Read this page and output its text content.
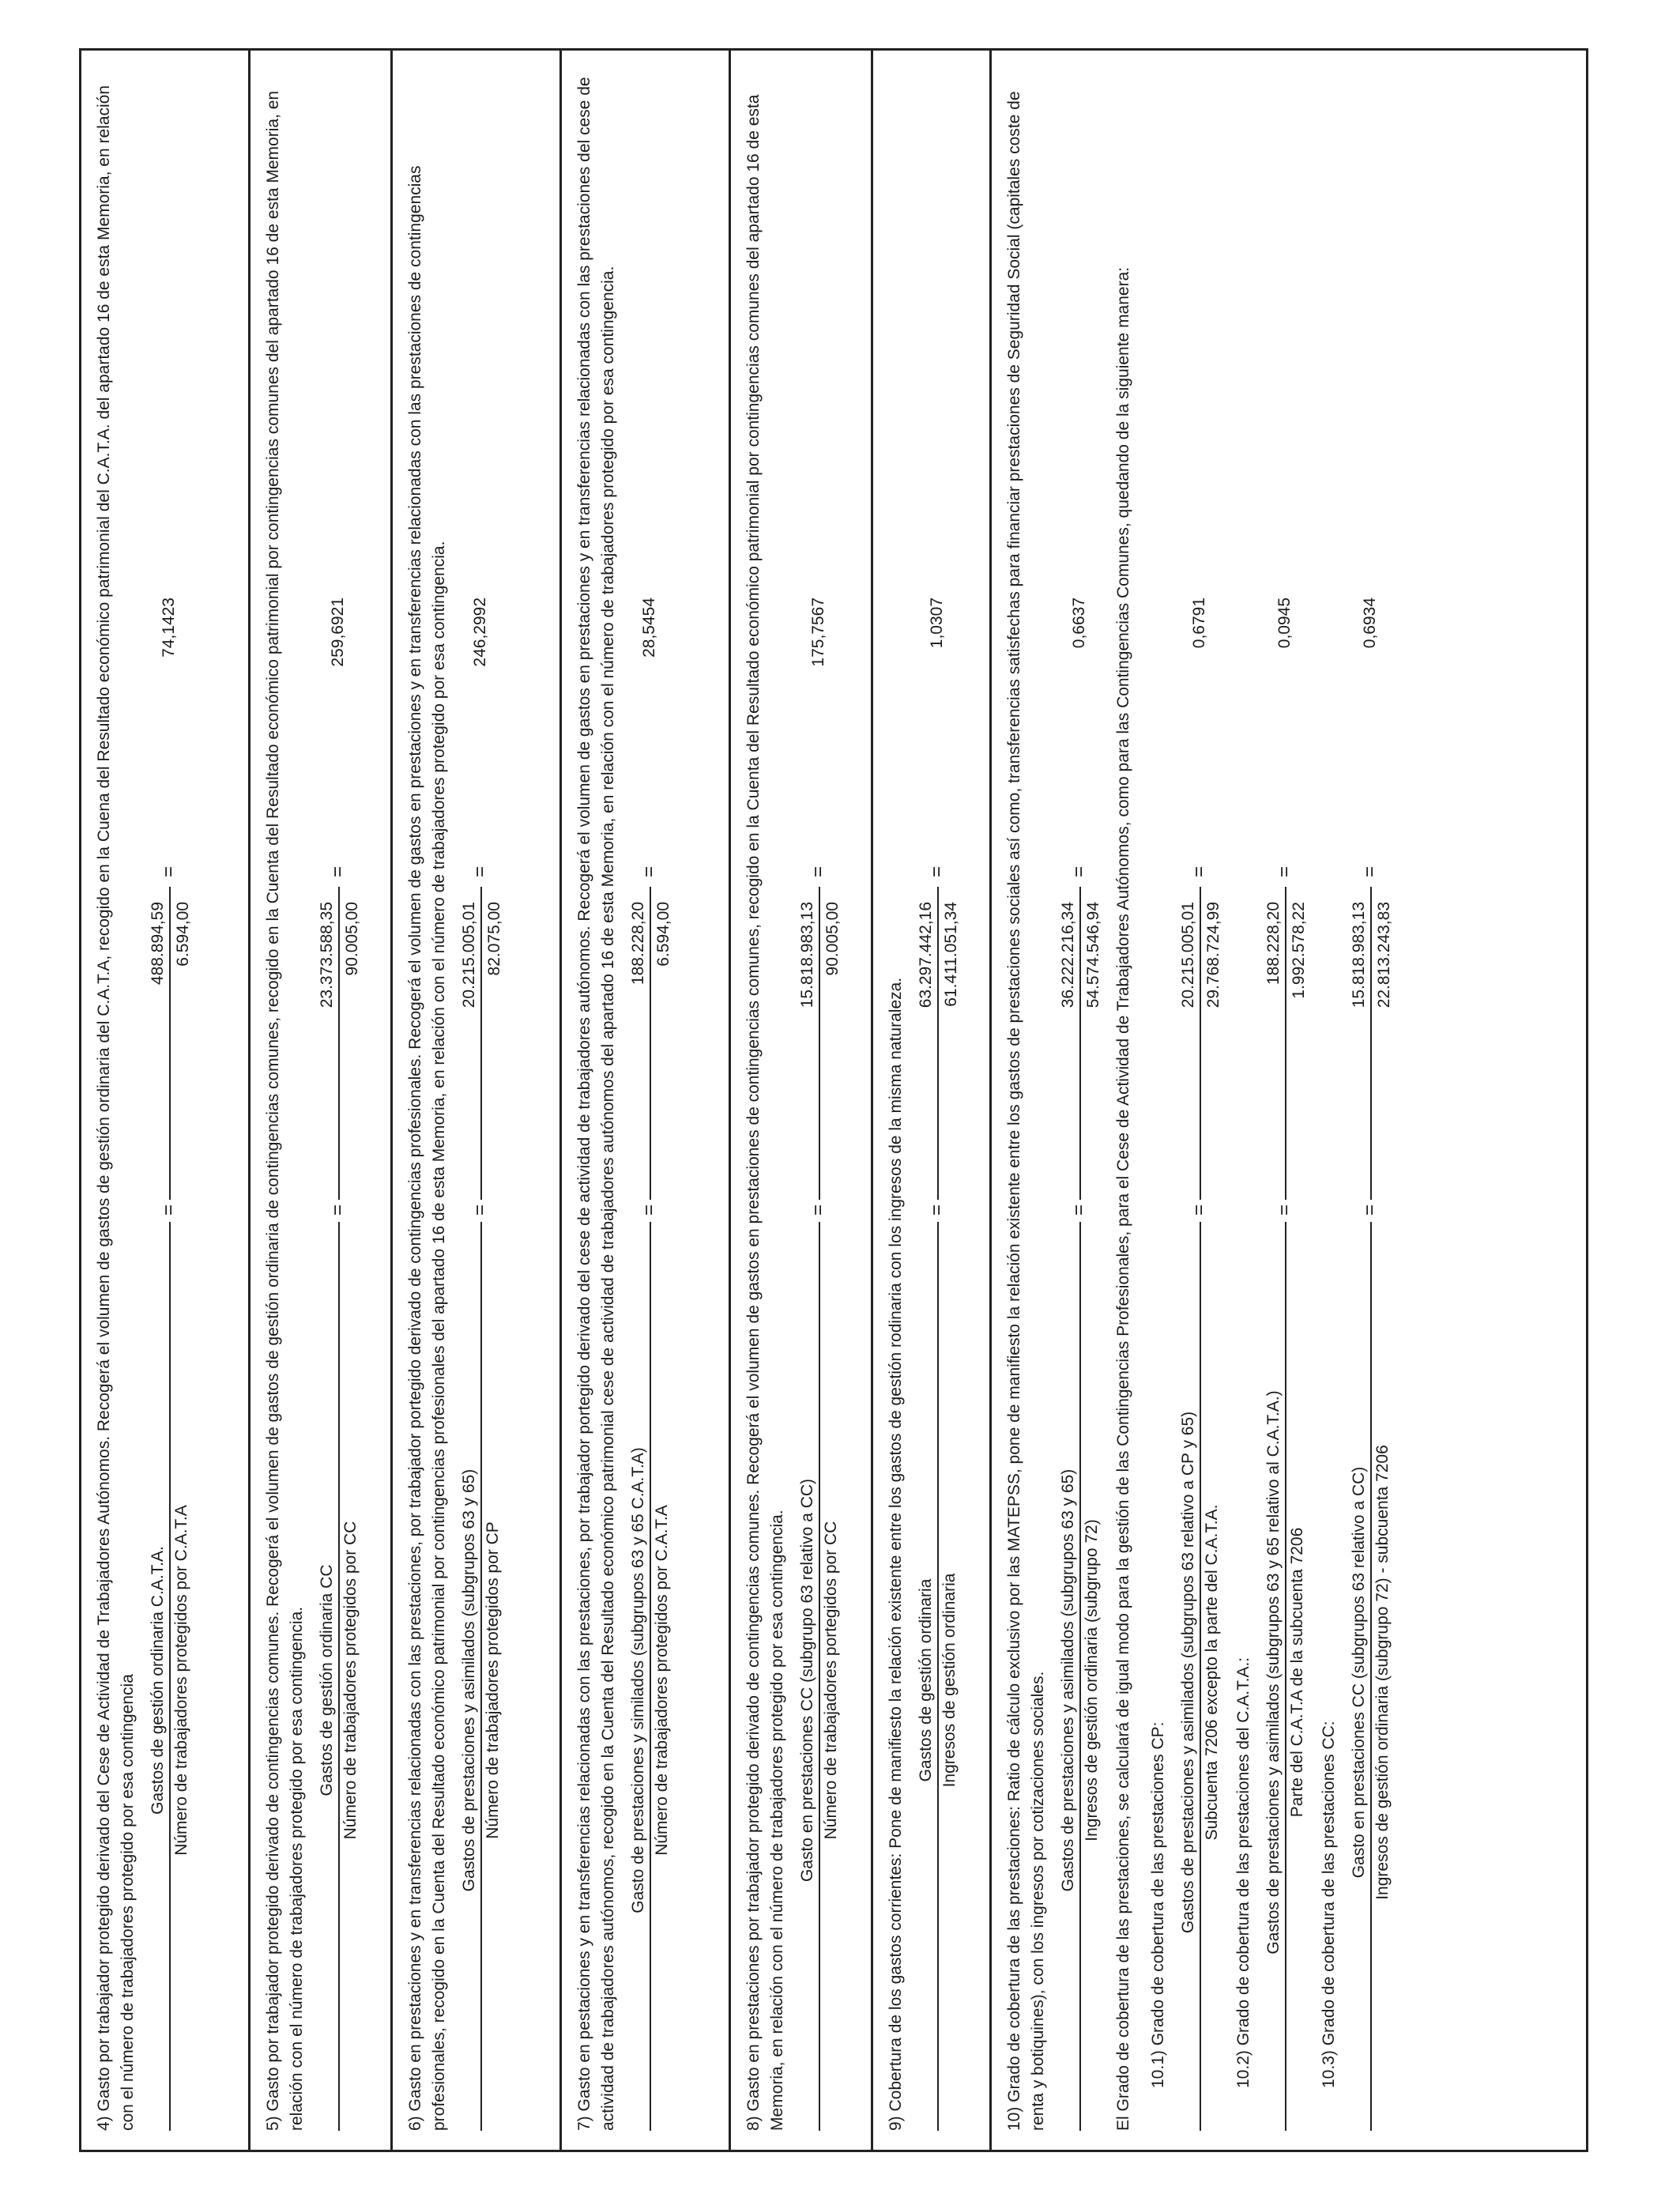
4) Gasto por trabajador protegido derivado del Cese de Actividad de Trabajadores Autónomos. Recogerá el volumen de gastos de gestión ordinaria del C.A.T.A, recogido en la Cuena del Resultado económico patrimonial del C.A.T.A. del apartado 16 de esta Memoria, en relación con el número de trabajadores protegido por esa contingencia Gastos de gestión ordinaria C.A.T.A. Número de trabajadores protegidos por C.A.T.A
=
488.894,59 6.594,00
=
74,1423	5) Gasto por trabajador protegido derivado de contingencias comunes. Recogerá el volumen de gastos de gestión ordinaria de contingencias comunes, recogido en la Cuenta del Resultado económico patrimonial por contingencias comunes del apartado 16 de esta Memoria, en relación con el número de trabajadores protegido por esa contingencia. Gastos de gestión ordinaria CC Número de trabajadores protegidos por CC
=
23.373.588,35 90.005,00
=
259,6921	6) Gasto en prestaciones y en transferencias relacionadas con las prestaciones, por trabajador portegido derivado de contingencias profesionales. Recogerá el volumen de gastos en prestaciones y en transferencias relacionadas con las prestaciones de contingencias profesionales, recogido en la Cuenta del Resultado económico patrimonial por contingencias profesionales del apartado 16 de esta Memoria, en relación con el número de trabajadores protegido por esa contingencia. Gastos de prestaciones y asimilados (subgrupos 63 y 65) Número de trabajadores protegidos por CP
=
20.215.005,01 82.075,00
=
246,2992	7) Gasto en pestaciones y en transferencias relacionadas con las prestaciones, por trabajador portegido derivado del cese de actividad de trabajadores autónomos. Recogerá el volumen de gastos en prestaciones y en transferencias relacionadas con las prestaciones del cese de actividad de trabajadores autónomos, recogido en la Cuenta del Resultado económico patrimonial cese de actividad de trabajadores autónomos del apartado 16 de esta Memoria, en relación con el número de trabajadores protegido por esa contingencia. Gasto de prestaciones y similados (subgrupos 63 y 65 C.A.T.A) Número de trabajadores protegidos por C.A.T.A
=
188.228,20 6.594,00
=
28,5454	8) Gasto en prestaciones por trabajador protegido derivado de contingencias comunes. Recogerá el volumen de gastos en prestaciones de contingencias comunes, recogido en la Cuenta del Resultado económico patrimonial por contingencias comunes del apartado 16 de esta Memoria, en relación con el número de trabajadores protegido por esa contingencia. Gasto en prestaciones CC (subgrupo 63 relativo a CC) Número de trabajadores portegidos por CC
=
15.818.983,13 90.005,00
=
175,7567

9) Cobertura de los gastos corrientes: Pone de manifiesto la relación existente entre los gastos de gestión rodinaria con los ingresos de la misma naturaleza. Gastos de gestión ordinaria Ingresos de gestión ordinaria
=
63.297.442,16 61.411.051,34
=
1,0307	10) Grado de cobertura de las prestaciones: Ratio de cálculo exclusivo por las MATEPSS, pone de manifiesto la relación existente entre los gastos de prestaciones sociales así como, transferencias satisfechas para financiar prestaciones de Seguridad Social (capitales coste de renta y botiquines), con los ingresos por cotizaciones sociales. Gastos de prestaciones y asimilados (subgrupos 63 y 65) Ingresos de gestión ordinaria (subgrupo 72)
=
36.222.216,34 54.574.546,94
=
0,6637 El Grado de cobertura de las prestaciones, se calculará de igual modo para la gestión de las Contingencias Profesionales, para el Cese de Actividad de Trabajadores Autónomos, como para las Contingencias Comunes, quedando de la siguiente manera: 10.1) Grado de cobertura de las prestaciones CP: Gastos de prestaciones y asimilados (subgrupos 63 relativo a CP y 65) Subcuenta 7206 excepto la parte del C.A.T.A.
=
20.215.005,01 29.768.724,99
=
0,6791

10.2) Grado de cobertura de las prestaciones del C.A.T.A.: Gastos de prestaciones y asimilados (subgrupos 63 y 65 relativo al C.A.T.A.) Parte del C.A.T.A de la subcuenta 7206
=
188.228,20 1.992.578,22
=
0,0945

10.3) Grado de cobertura de las prestaciones CC:

Gasto en prestaciones CC (subgrupos 63 relativo a CC) Ingresos de gestión ordinaria (subgrupo 72) - subcuenta 7206
=
15.818.983,13 22.813.243,83
=
0,6934
